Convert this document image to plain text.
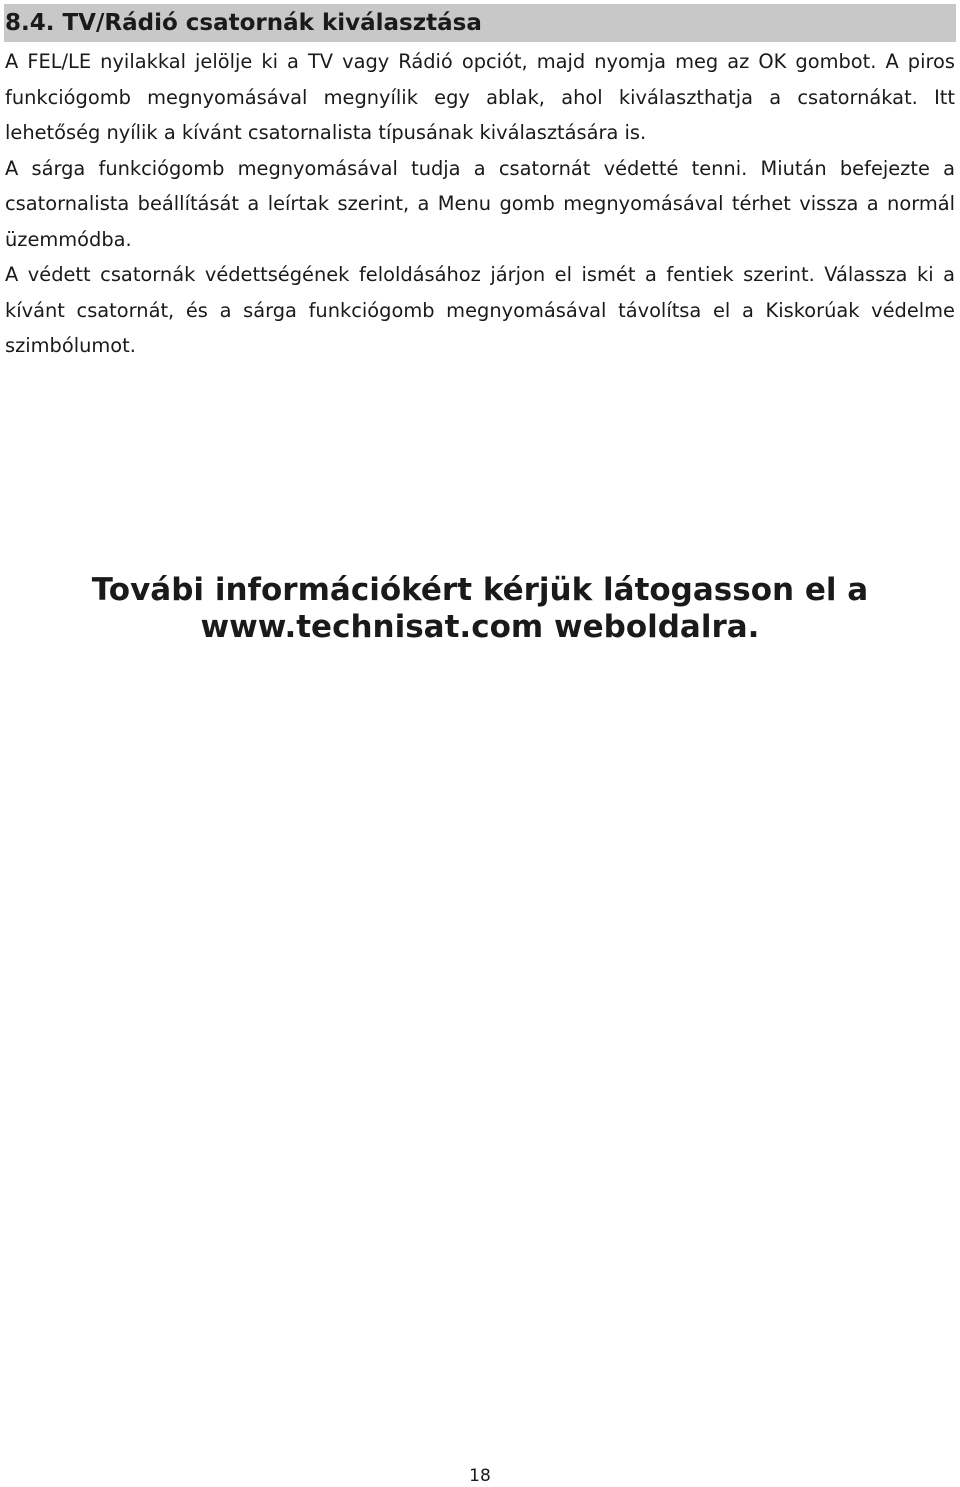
8.4. TV/Rádió csatornák kiválasztása

A FEL/LE nyilakkal jelölje ki a TV vagy Rádió opciót, majd nyomja meg az OK gombot. A piros funkciógomb megnyomásával megnyílik egy ablak, ahol kiválaszthatja a csatornákat. Itt lehetőség nyílik a kívánt csatornalista típusának kiválasztására is.

A sárga funkciógomb megnyomásával tudja a csatornát védetté tenni. Miután befejezte a csatornalista beállítását a leírtak szerint, a Menu gomb megnyomásával térhet vissza a normál üzemmódba.

A védett csatornák védettségének feloldásához járjon el ismét a fentiek szerint. Válassza ki a kívánt csatornát, és a sárga funkciógomb megnyomásával távolítsa el a Kiskorúak védelme szimbólumot.

Továbi információkért kérjük látogasson el a
www.technisat.com weboldalra.
18
